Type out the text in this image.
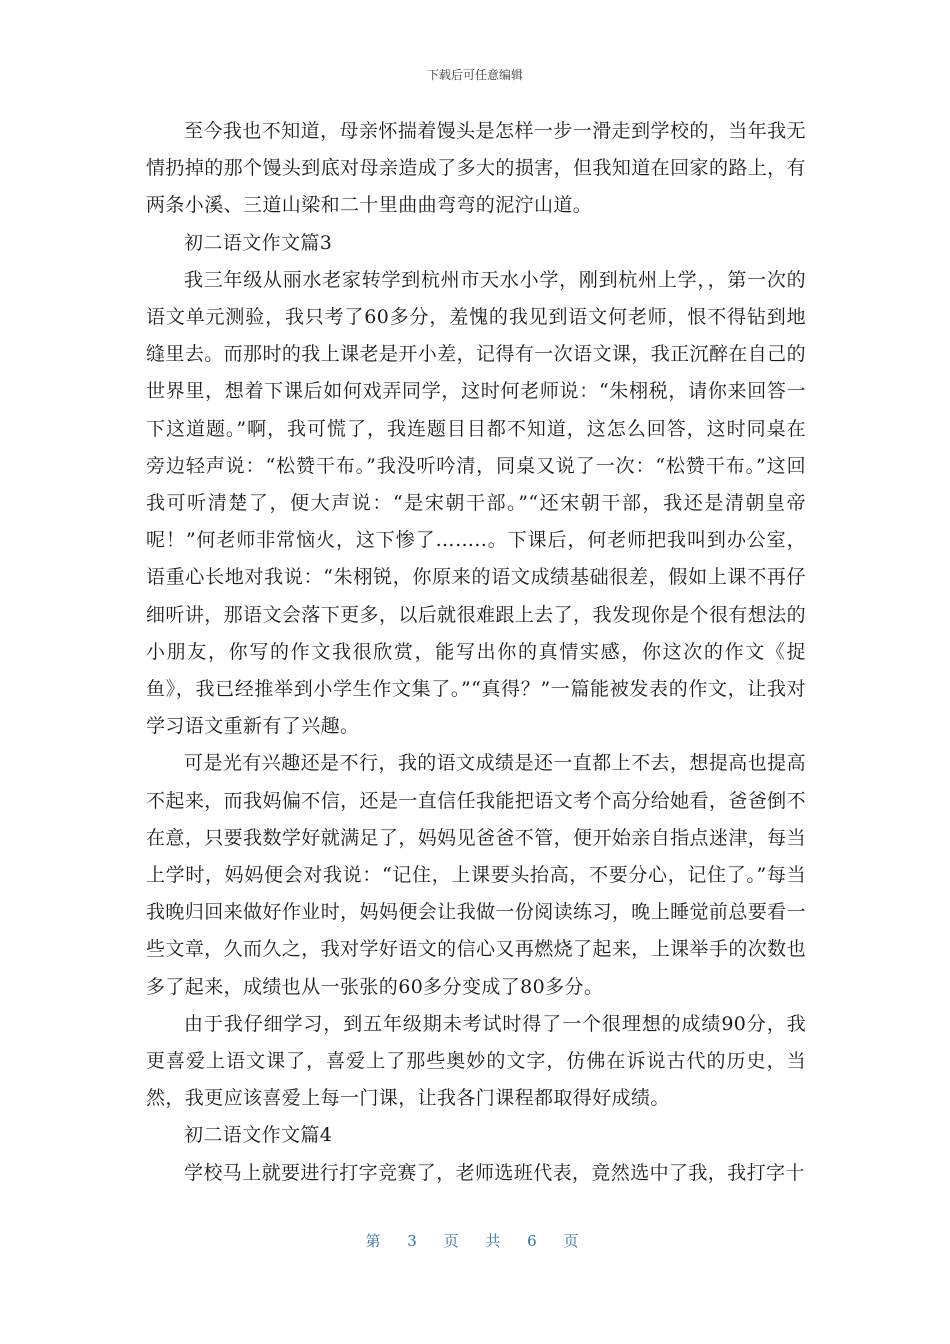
下载后可任意编辑

至今我也不知道，母亲怀揣着馒头是怎样一步一滑走到学校的，当年我无情扔掉的那个馒头到底对母亲造成了多大的损害，但我知道在回家的路上，有两条小溪、三道山梁和二十里曲曲弯弯的泥泞山道。

初二语文作文篇3

我三年级从丽水老家转学到杭州市天水小学，刚到杭州上学，，第一次的语文单元测验，我只考了60多分，羞愧的我见到语文何老师，恨不得钻到地缝里去。而那时的我上课老是开小差，记得有一次语文课，我正沉醉在自己的世界里，想着下课后如何戏弄同学，这时何老师说：“朱栩税，请你来回答一下这道题。”啊，我可慌了，我连题目目都不知道，这怎么回答，这时同桌在旁边轻声说：“松赞干布。”我没听吟清，同桌又说了一次：“松赞干布。”这回我可听清楚了，便大声说：“是宋朝干部。”“还宋朝干部，我还是清朝皇帝呢！”何老师非常恼火，这下惨了……..。下课后，何老师把我叫到办公室，语重心长地对我说：“朱栩锐，你原来的语文成绩基础很差，假如上课不再仔细听讲，那语文会落下更多，以后就很难跟上去了，我发现你是个很有想法的小朋友，你写的作文我很欣赏，能写出你的真情实感，你这次的作文《捉鱼》，我已经推举到小学生作文集了。”“真得？”一篇能被发表的作文，让我对学习语文重新有了兴趣。

可是光有兴趣还是不行，我的语文成绩是还一直都上不去，想提高也提高不起来，而我妈偏不信，还是一直信任我能把语文考个高分给她看，爸爸倒不在意，只要我数学好就满足了，妈妈见爸爸不管，便开始亲自指点迷津，每当上学时，妈妈便会对我说：“记住，上课要头抬高，不要分心，记住了。”每当我晚归回来做好作业时，妈妈便会让我做一份阅读练习，晚上睡觉前总要看一些文章，久而久之，我对学好语文的信心又再燃烧了起来，上课举手的次数也多了起来，成绩也从一张张的60多分变成了80多分。

由于我仔细学习，到五年级期未考试时得了一个很理想的成绩90分，我更喜爱上语文课了，喜爱上了那些奥妙的文字，仿佛在诉说古代的历史，当然，我更应该喜爱上每一门课，让我各门课程都取得好成绩。

初二语文作文篇4

学校马上就要进行打字竞赛了，老师选班代表，竟然选中了我，我打字十

第 3 页 共 6 页
